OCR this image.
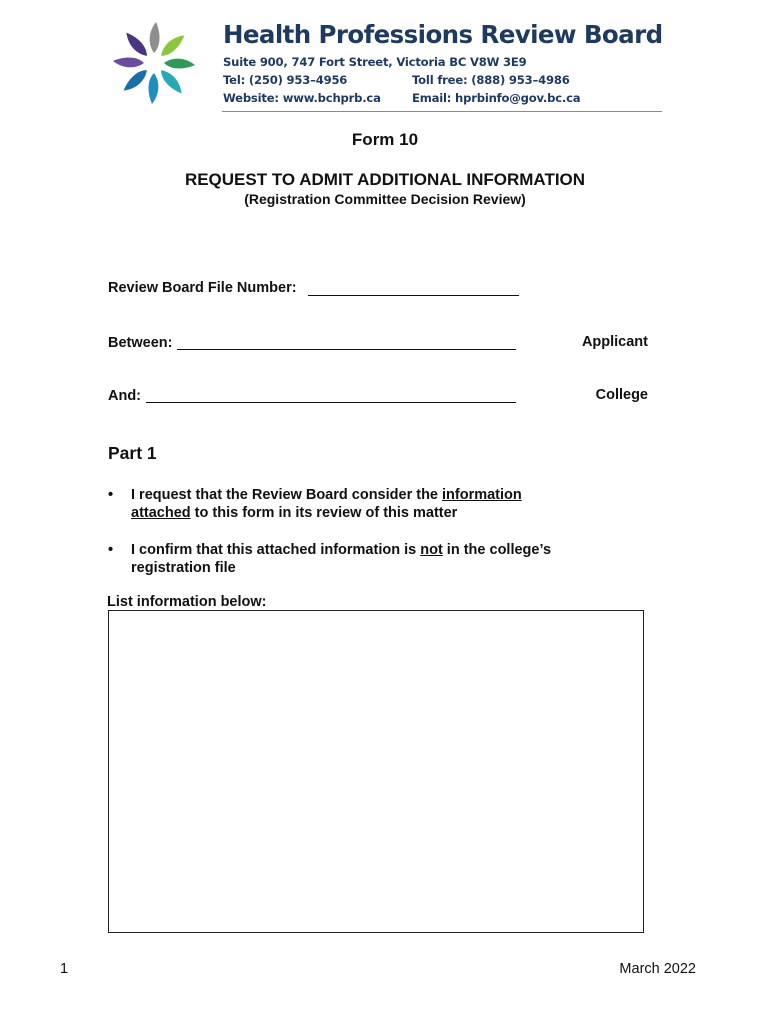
Health Professions Review Board
Suite 900, 747 Fort Street, Victoria BC V8W 3E9
Tel: (250) 953–4956	Toll free: (888) 953–4986
Website: www.bchprb.ca	Email: hprbinfo@gov.bc.ca
Form 10
REQUEST TO ADMIT ADDITIONAL INFORMATION
(Registration Committee Decision Review)
Review Board File Number:
Between:	Applicant
And:	College
Part 1
• I request that the Review Board consider the information attached to this form in its review of this matter
• I confirm that this attached information is not in the college’s registration file
List information below:
1	March 2022
